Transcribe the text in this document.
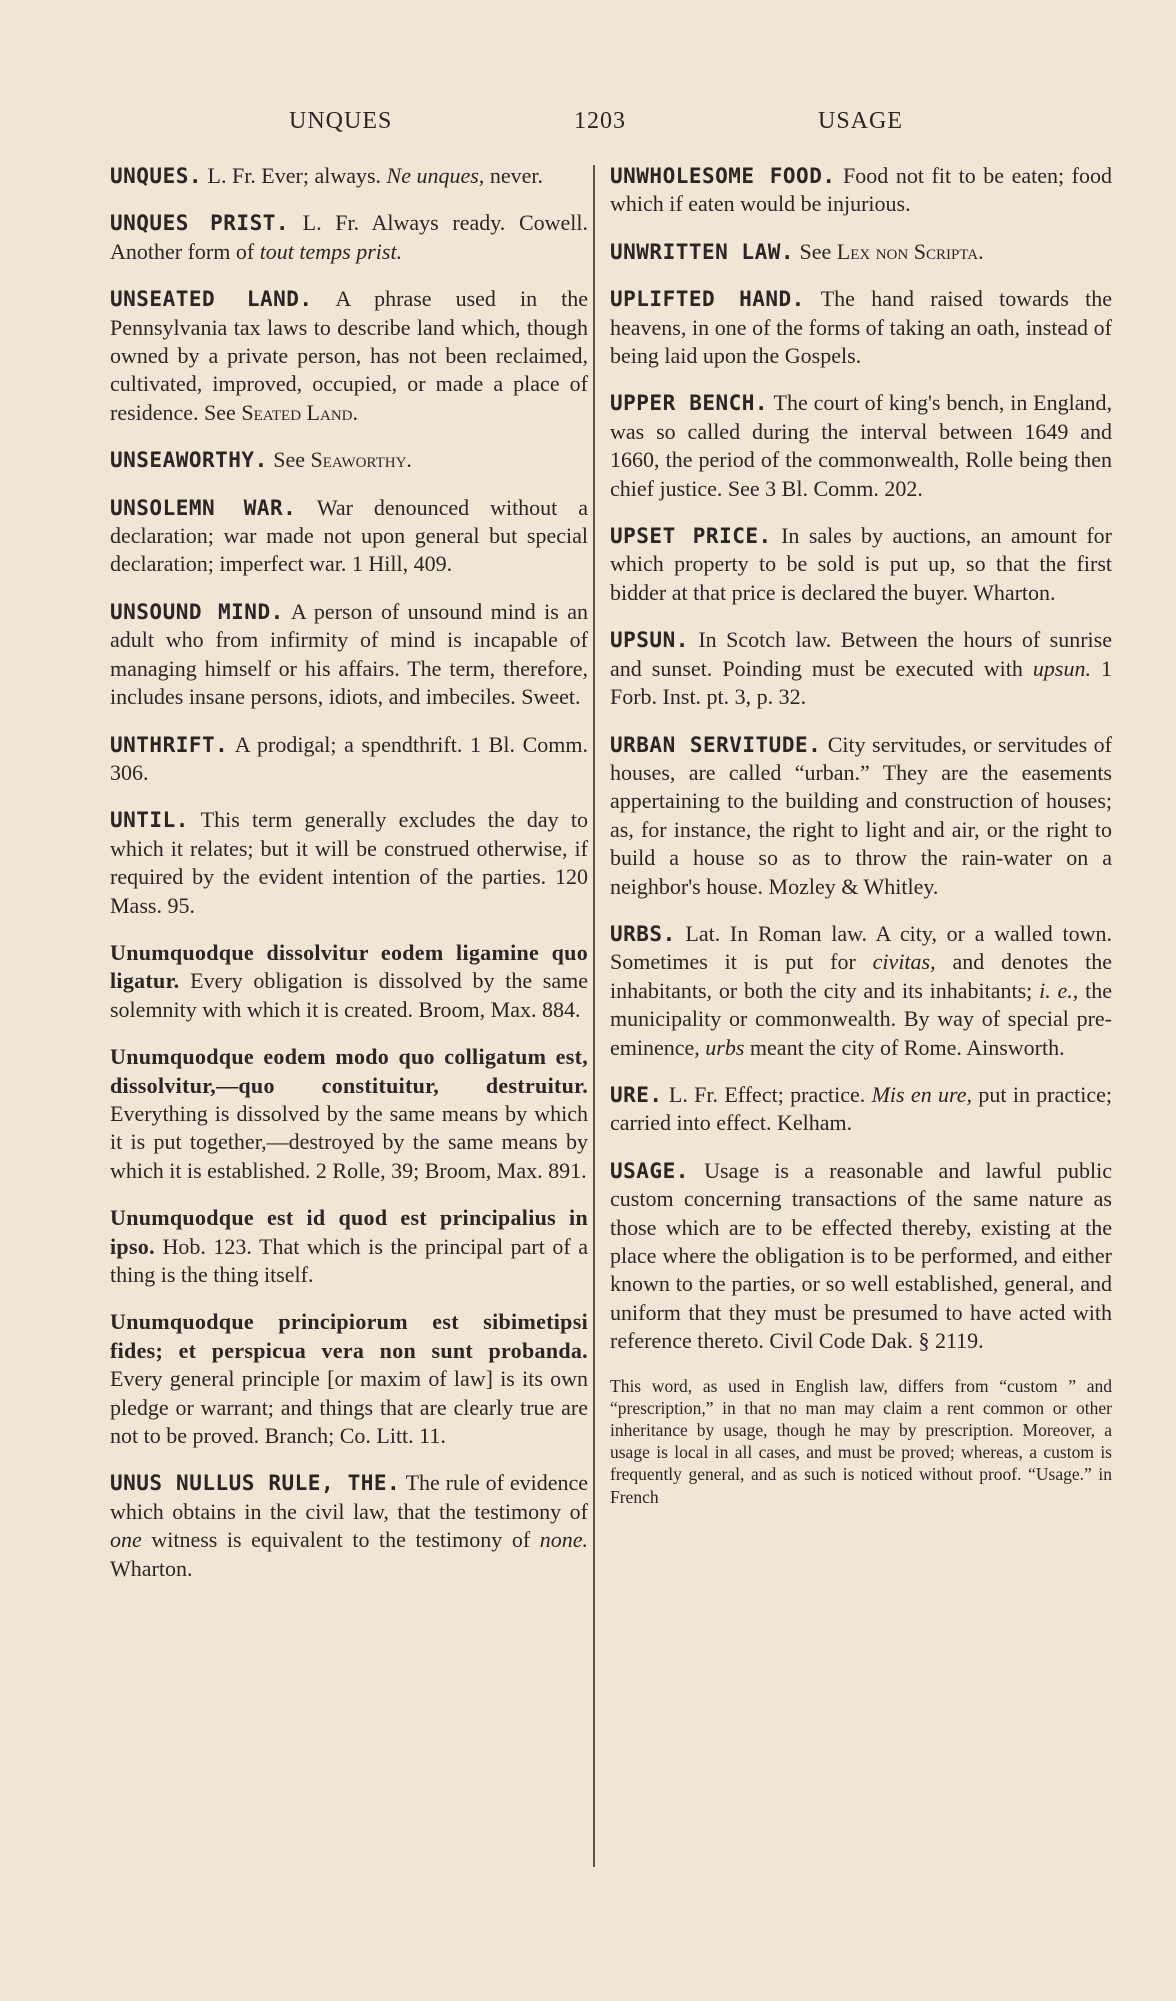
UNQUES	1203	USAGE

UNQUES. L. Fr. Ever; always. Ne unques, never.

UNQUES PRIST. L. Fr. Always ready. Cowell. Another form of tout temps prist.

UNSEATED LAND. A phrase used in the Pennsylvania tax laws to describe land which, though owned by a private person, has not been reclaimed, cultivated, improved, occupied, or made a place of residence. See Seated Land.

UNSEAWORTHY. See Seaworthy.

UNSOLEMN WAR. War denounced without a declaration; war made not upon general but special declaration; imperfect war. 1 Hill, 409.

UNSOUND MIND. A person of unsound mind is an adult who from infirmity of mind is incapable of managing himself or his affairs. The term, therefore, includes insane persons, idiots, and imbeciles. Sweet.

UNTHRIFT. A prodigal; a spendthrift. 1 Bl. Comm. 306.

UNTIL. This term generally excludes the day to which it relates; but it will be construed otherwise, if required by the evident intention of the parties. 120 Mass. 95.

Unumquodque dissolvitur eodem ligamine quo ligatur. Every obligation is dissolved by the same solemnity with which it is created. Broom, Max. 884.

Unumquodque eodem modo quo colligatum est, dissolvitur,—quo constituitur, destruitur. Everything is dissolved by the same means by which it is put together,—destroyed by the same means by which it is established. 2 Rolle, 39; Broom, Max. 891.

Unumquodque est id quod est principalius in ipso. Hob. 123. That which is the principal part of a thing is the thing itself.

Unumquodque principiorum est sibimetipsi fides; et perspicua vera non sunt probanda. Every general principle [or maxim of law] is its own pledge or warrant; and things that are clearly true are not to be proved. Branch; Co. Litt. 11.

UNUS NULLUS RULE, THE. The rule of evidence which obtains in the civil law, that the testimony of one witness is equivalent to the testimony of none. Wharton.

UNWHOLESOME FOOD. Food not fit to be eaten; food which if eaten would be injurious.

UNWRITTEN LAW. See Lex non Scripta.

UPLIFTED HAND. The hand raised towards the heavens, in one of the forms of taking an oath, instead of being laid upon the Gospels.

UPPER BENCH. The court of king's bench, in England, was so called during the interval between 1649 and 1660, the period of the commonwealth, Rolle being then chief justice. See 3 Bl. Comm. 202.

UPSET PRICE. In sales by auctions, an amount for which property to be sold is put up, so that the first bidder at that price is declared the buyer. Wharton.

UPSUN. In Scotch law. Between the hours of sunrise and sunset. Poinding must be executed with upsun. 1 Forb. Inst. pt. 3, p. 32.

URBAN SERVITUDE. City servitudes, or servitudes of houses, are called “urban.” They are the easements appertaining to the building and construction of houses; as, for instance, the right to light and air, or the right to build a house so as to throw the rain-water on a neighbor's house. Mozley & Whitley.

URBS. Lat. In Roman law. A city, or a walled town. Sometimes it is put for civitas, and denotes the inhabitants, or both the city and its inhabitants; i. e., the municipality or commonwealth. By way of special pre-eminence, urbs meant the city of Rome. Ainsworth.

URE. L. Fr. Effect; practice. Mis en ure, put in practice; carried into effect. Kelham.

USAGE. Usage is a reasonable and lawful public custom concerning transactions of the same nature as those which are to be effected thereby, existing at the place where the obligation is to be performed, and either known to the parties, or so well established, general, and uniform that they must be presumed to have acted with reference thereto. Civil Code Dak. § 2119.

This word, as used in English law, differs from “custom ” and “prescription,” in that no man may claim a rent common or other inheritance by usage, though he may by prescription. Moreover, a usage is local in all cases, and must be proved; whereas, a custom is frequently general, and as such is noticed without proof. “Usage.” in French
